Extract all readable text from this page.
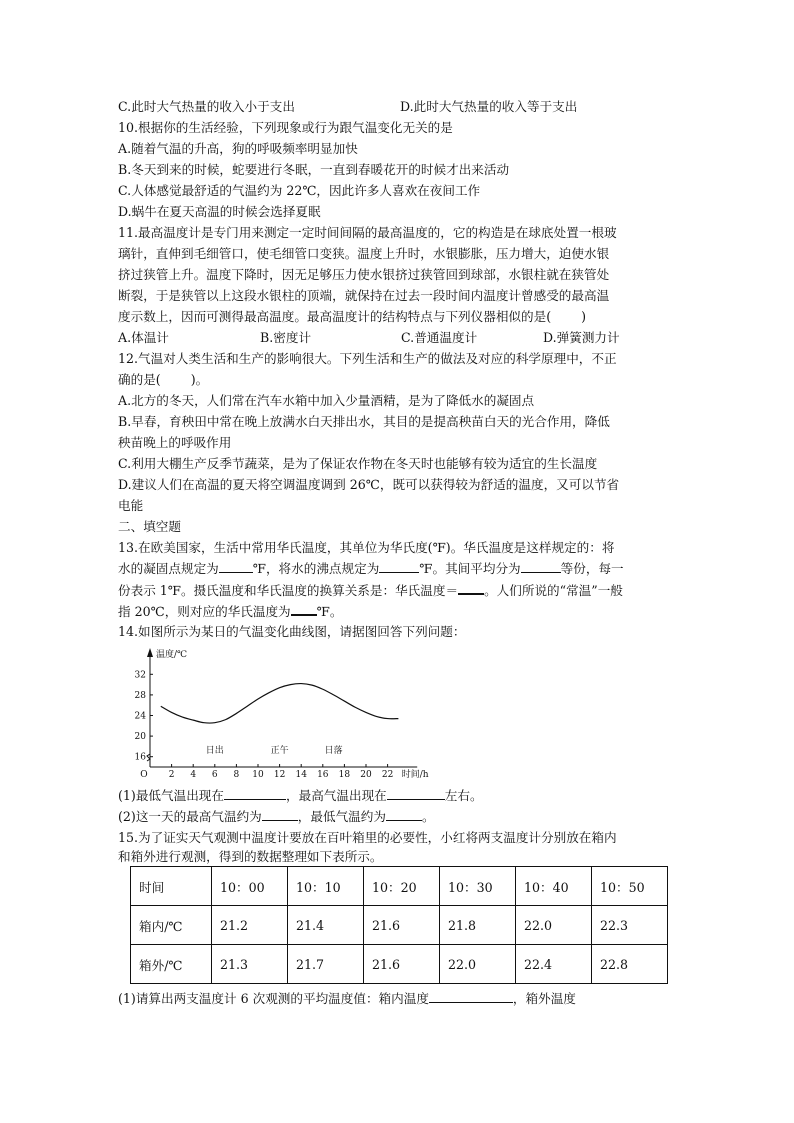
C.此时大气热量的收入小于支出	D.此时大气热量的收入等于支出
10.根据你的生活经验，下列现象或行为跟气温变化无关的是
A.随着气温的升高，狗的呼吸频率明显加快
B.冬天到来的时候，蛇要进行冬眠，一直到春暖花开的时候才出来活动
C.人体感觉最舒适的气温约为 22℃，因此许多人喜欢在夜间工作
D.蜗牛在夏天高温的时候会选择夏眠
11.最高温度计是专门用来测定一定时间间隔的最高温度的，它的构造是在球底处置一根玻
璃针，直伸到毛细管口，使毛细管口变狭。温度上升时，水银膨胀，压力增大，迫使水银
挤过狭管上升。温度下降时，因无足够压力使水银挤过狭管回到球部，水银柱就在狭管处
断裂，于是狭管以上这段水银柱的顶端，就保持在过去一段时间内温度计曾感受的最高温
度示数上，因而可测得最高温度。最高温度计的结构特点与下列仪器相似的是( )
A.体温计	B.密度计	C.普通温度计	D.弹簧测力计
12.气温对人类生活和生产的影响很大。下列生活和生产的做法及对应的科学原理中，不正
确的是( )。
A.北方的冬天，人们常在汽车水箱中加入少量酒精，是为了降低水的凝固点
B.早春，育秧田中常在晚上放满水白天排出水，其目的是提高秧苗白天的光合作用，降低
秧苗晚上的呼吸作用
C.利用大棚生产反季节蔬菜，是为了保证农作物在冬天时也能够有较为适宜的生长温度
D.建议人们在高温的夏天将空调温度调到 26℃，既可以获得较为舒适的温度，又可以节省
电能
二、填空题
13.在欧美国家，生活中常用华氏温度，其单位为华氏度(℉)。华氏温度是这样规定的：将
水的凝固点规定为	℉，将水的沸点规定为	℉。其间平均分为	等份，每一
份表示 1℉。摄氏温度和华氏温度的换算关系是：华氏温度＝ 。人们所说的“常温”一般
指 20℃，则对应的华氏温度为 ℉。
14.如图所示为某日的气温变化曲线图，请据图回答下列问题：
16
20
24
28
32
2 4 6 8 10 12 14 16 18 20 22
O
温度/℃
时间/h
日出	正午	日落
(1)最低气温出现在	，最高气温出现在	左右。
(2)这一天的最高气温约为	，最低气温约为	。
15.为了证实天气观测中温度计要放在百叶箱里的必要性，小红将两支温度计分别放在箱内
和箱外进行观测，得到的数据整理如下表所示。
时间	10：00	10：10	10：20	10：30	10：40	10：50
箱内/℃	21.2	21.4	21.6	21.8	22.0	22.3
箱外/℃	21.3	21.7	21.6	22.0	22.4	22.8
(1)请算出两支温度计 6 次观测的平均温度值：箱内温度	，箱外温度
